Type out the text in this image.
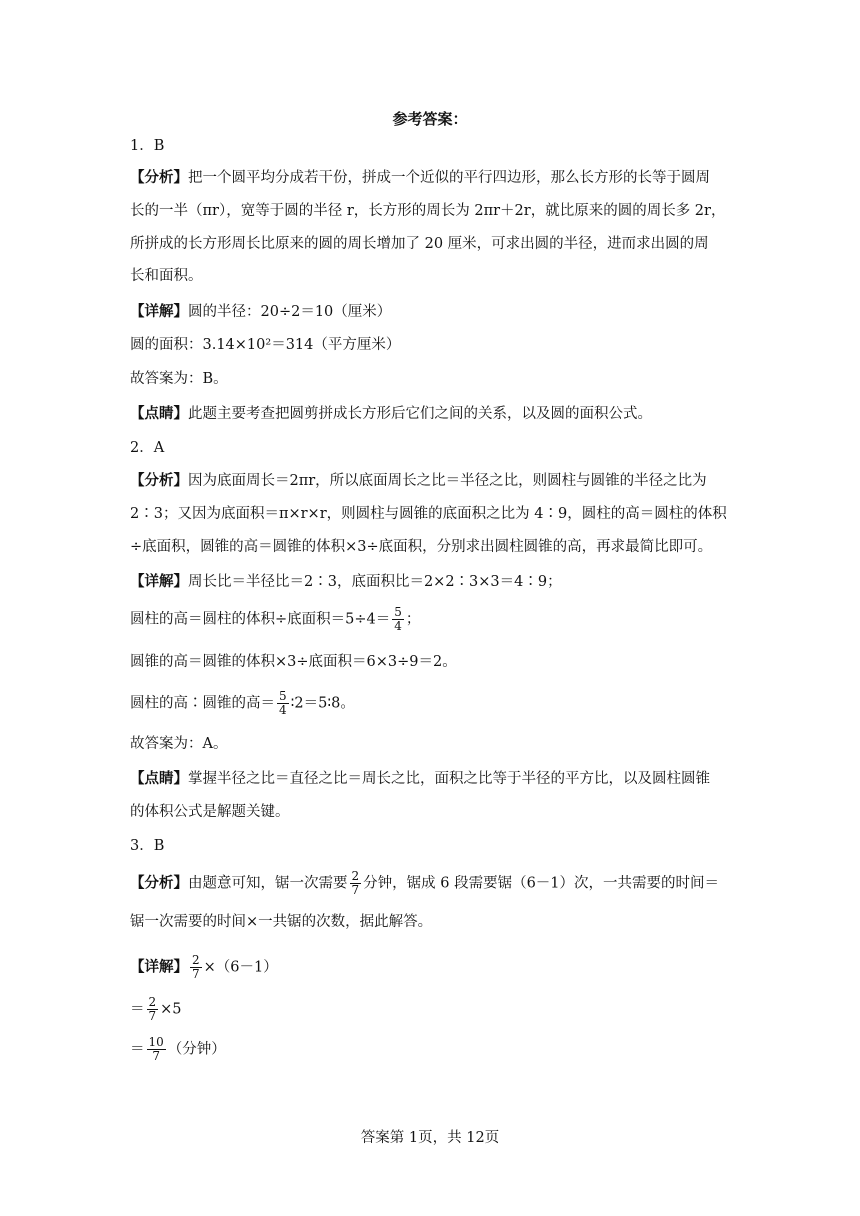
参考答案：
1．B
【分析】把一个圆平均分成若干份，拼成一个近似的平行四边形，那么长方形的长等于圆周
长的一半（πr），宽等于圆的半径 r，长方形的周长为 2πr＋2r，就比原来的圆的周长多 2r，
所拼成的长方形周长比原来的圆的周长增加了 20 厘米，可求出圆的半径，进而求出圆的周
长和面积。
【详解】圆的半径：20÷2＝10（厘米）
圆的面积：3.14×10²＝314（平方厘米）
故答案为：B。
【点睛】此题主要考查把圆剪拼成长方形后它们之间的关系，以及圆的面积公式。
2．A
【分析】因为底面周长＝2πr，所以底面周长之比＝半径之比，则圆柱与圆锥的半径之比为
2∶3；又因为底面积＝π×r×r，则圆柱与圆锥的底面积之比为 4∶9，圆柱的高＝圆柱的体积
÷底面积，圆锥的高＝圆锥的体积×3÷底面积，分别求出圆柱圆锥的高，再求最简比即可。
【详解】周长比＝半径比＝2∶3，底面积比＝2×2∶3×3＝4∶9；
圆柱的高＝圆柱的体积÷底面积$=5\div 4= \frac{5}{4}$ ；
圆锥的高＝圆锥的体积×3÷底面积＝6×3÷9＝2。
圆柱的高∶圆锥的高＝ $\frac{5}{4}$ ∶2＝5∶8。
故答案为：A。
【点睛】掌握半径之比＝直径之比＝周长之比，面积之比等于半径的平方比，以及圆柱圆锥
的体积公式是解题关键。
3．B
【分析】由题意可知，锯一次需要 $\frac{2}{7}$ 分钟，锯成 6 段需要锯（6－1）次，一共需要的时间＝
锯一次需要的时间×一共锯的次数，据此解答。
【详解】 $\frac{2}{7} \times(6-1)$
＝ $\frac{2}{7} \times 5$
＝ $\frac{10}{7}$ （分钟）
答案第 1页，共 12页
